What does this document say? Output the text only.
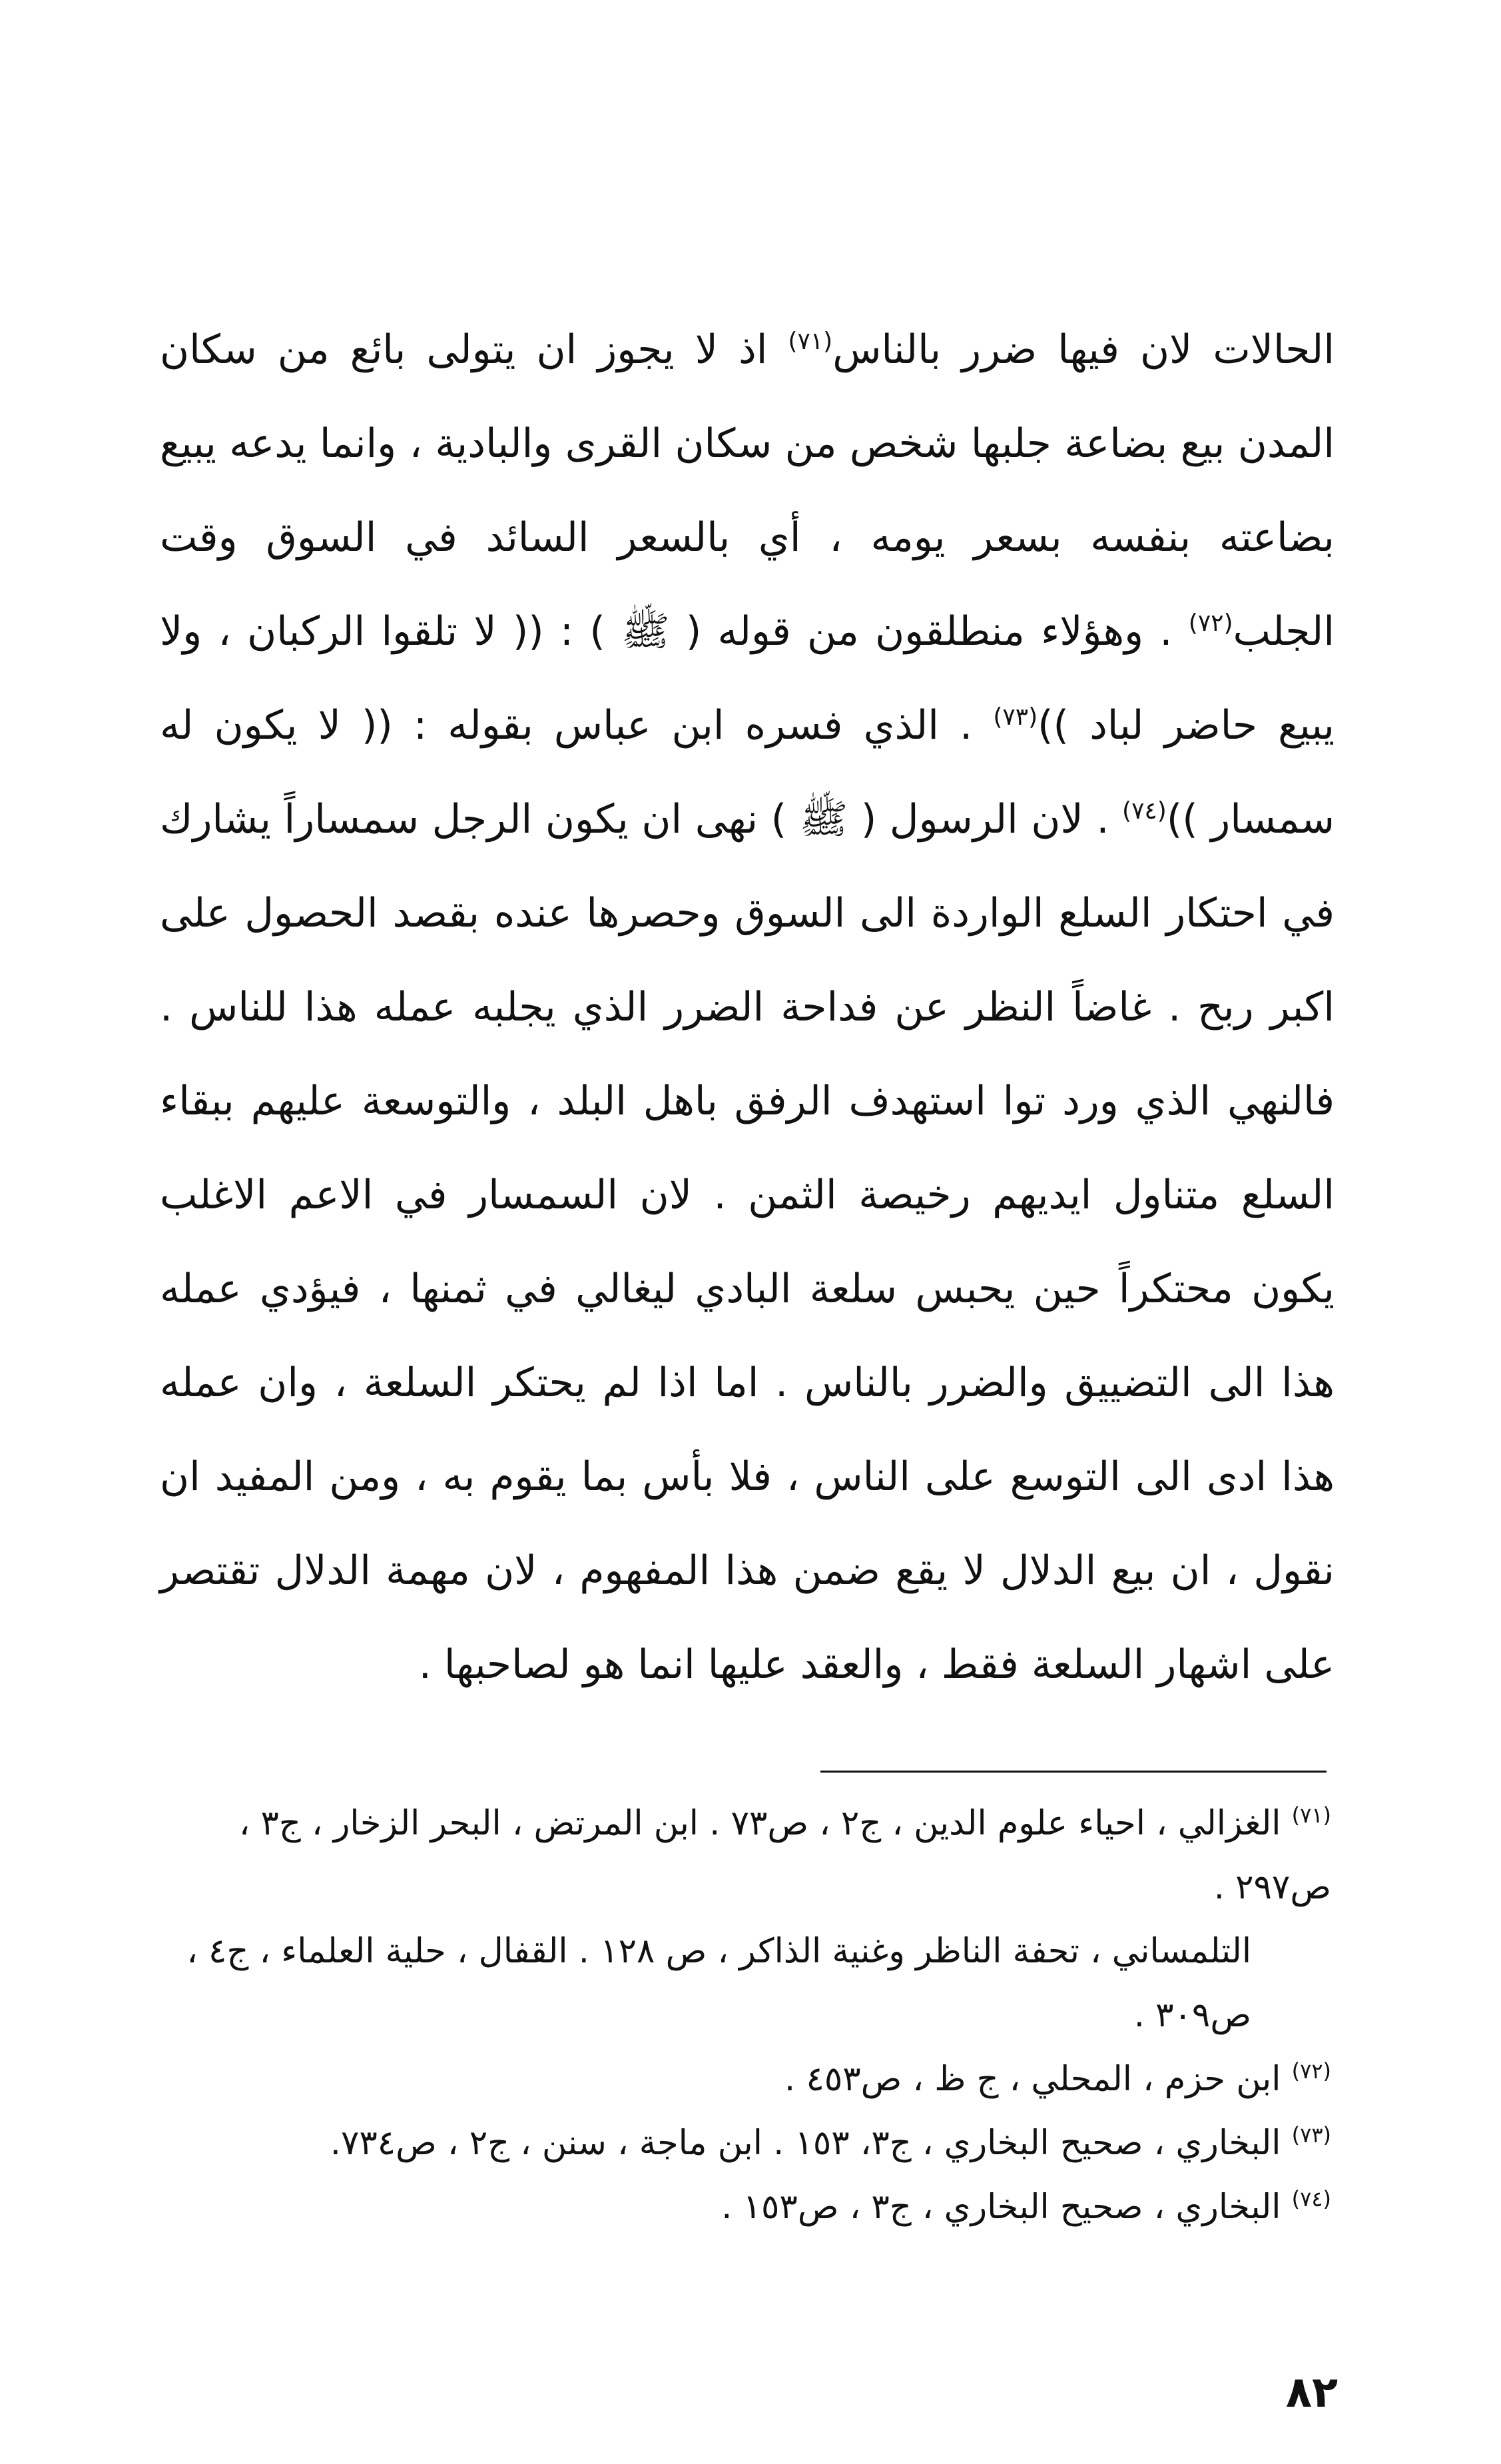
الحالات لان فيها ضرر بالناس$^{(٧١)}$ اذ لا يجوز ان يتولى بائع من سكان المدن بيع بضاعة جلبها شخص من سكان القرى والبادية ، وانما يدعه يبيع بضاعته بنفسه بسعر يومه ، أي بالسعر السائد في السوق وقت الجلب$^{(٧٢)}$ . وهؤلاء منطلقون من قوله ( ﷺ ) : (( لا تلقوا الركبان ، ولا يبيع حاضر لباد ))$^{(٧٣)}$ . الذي فسره ابن عباس بقوله : (( لا يكون له سمسار ))$^{(٧٤)}$ . لان الرسول ( ﷺ ) نهى ان يكون الرجل سمساراً يشارك في احتكار السلع الواردة الى السوق وحصرها عنده بقصد الحصول على اكبر ربح . غاضاً النظر عن فداحة الضرر الذي يجلبه عمله هذا للناس . فالنهي الذي ورد توا استهدف الرفق باهل البلد ، والتوسعة عليهم ببقاء السلع متناول ايديهم رخيصة الثمن . لان السمسار في الاعم الاغلب يكون محتكراً حين يحبس سلعة البادي ليغالي في ثمنها ، فيؤدي عمله هذا الى التضييق والضرر بالناس . اما اذا لم يحتكر السلعة ، وان عمله هذا ادى الى التوسع على الناس ، فلا بأس بما يقوم به ، ومن المفيد ان نقول ، ان بيع الدلال لا يقع ضمن هذا المفهوم ، لان مهمة الدلال تقتصر على اشهار السلعة فقط ، والعقد عليها انما هو لصاحبها .

$^{(٧١)}$ الغزالي ، احياء علوم الدين ، ج٢ ، ص٧٣ . ابن المرتض ، البحر الزخار ، ج٣ ، ص٢٩٧ .

التلمساني ، تحفة الناظر وغنية الذاكر ، ص ١٢٨ . القفال ، حلية العلماء ، ج٤ ، ص٣٠٩ .

$^{(٧٢)}$ ابن حزم ، المحلي ، ج ظ ، ص٤٥٣ .

$^{(٧٣)}$ البخاري ، صحيح البخاري ، ج٣، ١٥٣ . ابن ماجة ، سنن ، ج٢ ، ص٧٣٤.

$^{(٧٤)}$ البخاري ، صحيح البخاري ، ج٣ ، ص١٥٣ .

٨٢
